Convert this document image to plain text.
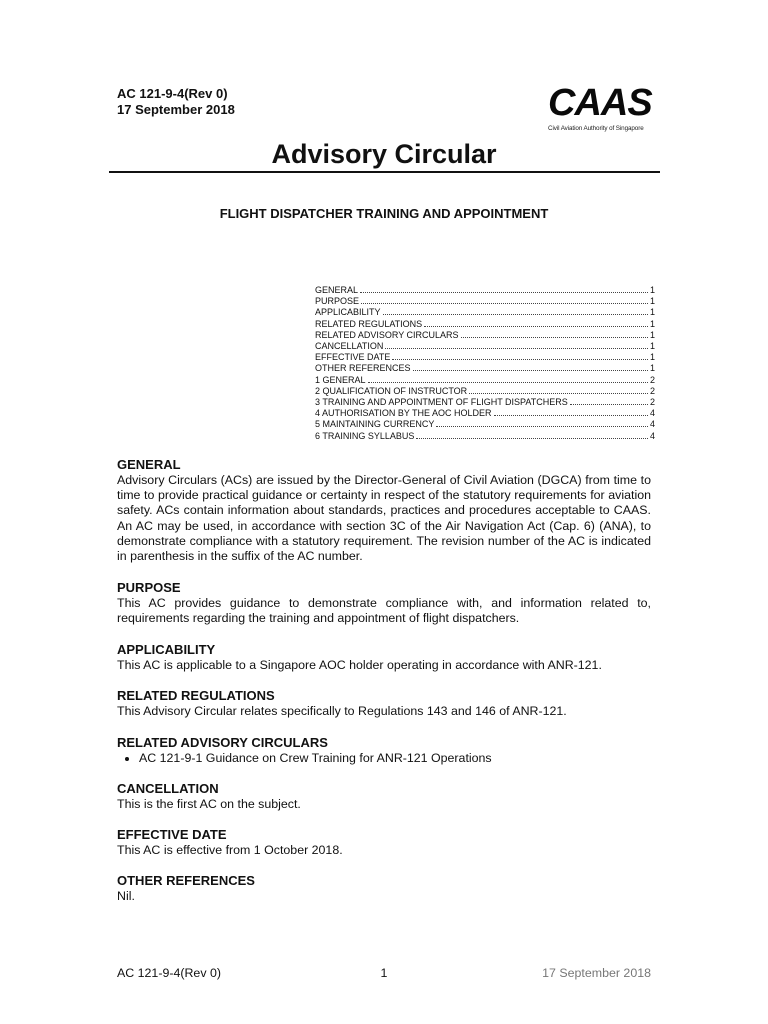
AC 121-9-4(Rev 0)
17 September 2018	CAAS
Civil Aviation Authority of Singapore
Advisory Circular
FLIGHT DISPATCHER TRAINING AND APPOINTMENT
GENERAL	1
PURPOSE	1
APPLICABILITY	1
RELATED REGULATIONS	1
RELATED ADVISORY CIRCULARS	1
CANCELLATION	1
EFFECTIVE DATE	1
OTHER REFERENCES	1
1 GENERAL	2
2 QUALIFICATION OF INSTRUCTOR	2
3 TRAINING AND APPOINTMENT OF FLIGHT DISPATCHERS	2
4 AUTHORISATION BY THE AOC HOLDER	4
5 MAINTAINING CURRENCY	4
6 TRAINING SYLLABUS	4
GENERAL

Advisory Circulars (ACs) are issued by the Director-General of Civil Aviation (DGCA) from time to time to provide practical guidance or certainty in respect of the statutory requirements for aviation safety. ACs contain information about standards, practices and procedures acceptable to CAAS. An AC may be used, in accordance with section 3C of the Air Navigation Act (Cap. 6) (ANA), to demonstrate compliance with a statutory requirement. The revision number of the AC is indicated in parenthesis in the suffix of the AC number.

PURPOSE

This AC provides guidance to demonstrate compliance with, and information related to, requirements regarding the training and appointment of flight dispatchers.

APPLICABILITY

This AC is applicable to a Singapore AOC holder operating in accordance with ANR-121.

RELATED REGULATIONS

This Advisory Circular relates specifically to Regulations 143 and 146 of ANR-121.

RELATED ADVISORY CIRCULARS
• AC 121-9-1 Guidance on Crew Training for ANR-121 Operations
CANCELLATION

This is the first AC on the subject.

EFFECTIVE DATE

This AC is effective from 1 October 2018.

OTHER REFERENCES

Nil.

AC 121-9-4(Rev 0)	1	17 September 2018
